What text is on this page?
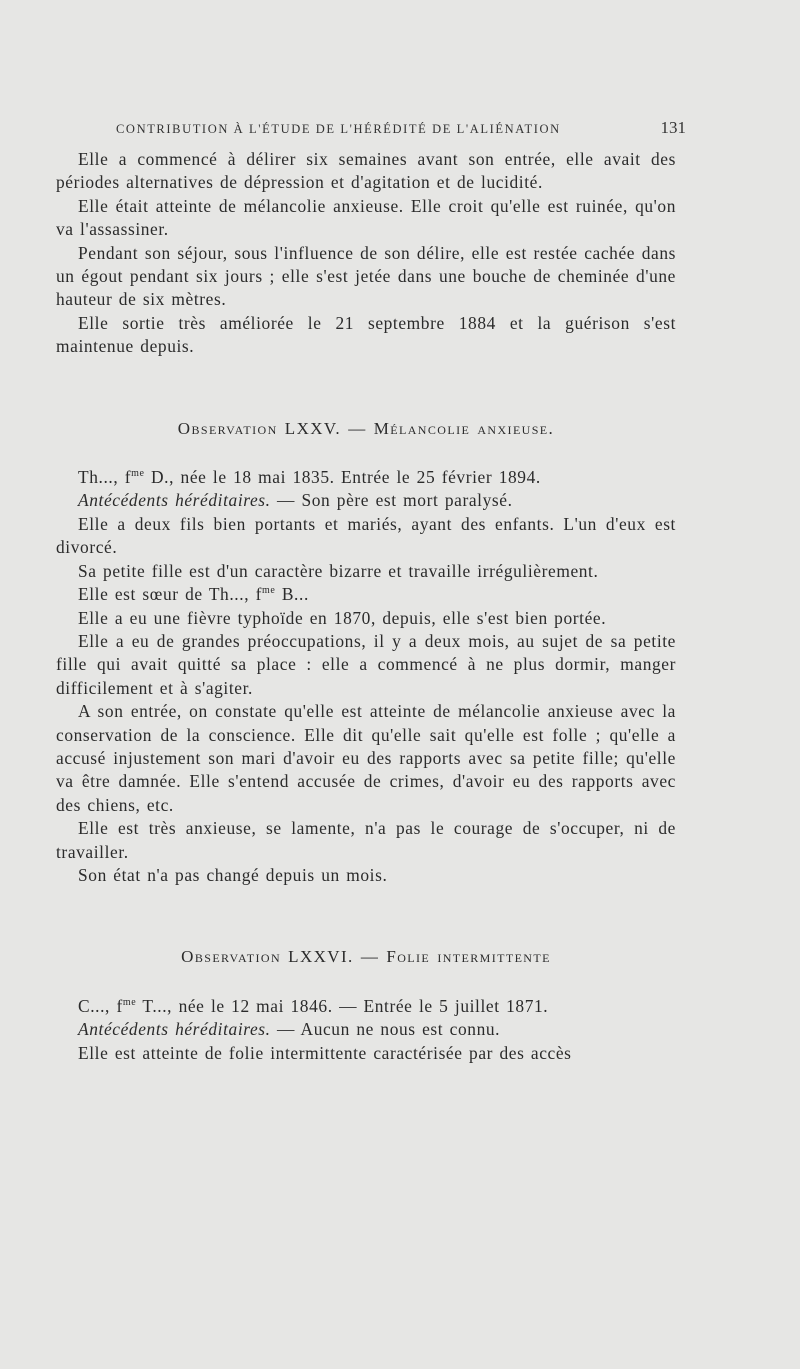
CONTRIBUTION À L'ÉTUDE DE L'HÉRÉDITÉ DE L'ALIÉNATION	131

Elle a commencé à délirer six semaines avant son entrée, elle avait des périodes alternatives de dépression et d'agitation et de lucidité.

Elle était atteinte de mélancolie anxieuse. Elle croit qu'elle est ruinée, qu'on va l'assassiner.

Pendant son séjour, sous l'influence de son délire, elle est restée cachée dans un égout pendant six jours ; elle s'est jetée dans une bouche de cheminée d'une hauteur de six mètres.

Elle sortie très améliorée le 21 septembre 1884 et la guérison s'est maintenue depuis.

Observation LXXV. — Mélancolie anxieuse.

Th..., $f^{me}$ D., née le 18 mai 1835. Entrée le 25 février 1894.

Antécédents héréditaires. — Son père est mort paralysé.

Elle a deux fils bien portants et mariés, ayant des enfants. L'un d'eux est divorcé.

Sa petite fille est d'un caractère bizarre et travaille irrégulièrement.

Elle est sœur de Th..., $f^{me}$ B...

Elle a eu une fièvre typhoïde en 1870, depuis, elle s'est bien portée.

Elle a eu de grandes préoccupations, il y a deux mois, au sujet de sa petite fille qui avait quitté sa place : elle a commencé à ne plus dormir, manger difficilement et à s'agiter.

A son entrée, on constate qu'elle est atteinte de mélancolie anxieuse avec la conservation de la conscience. Elle dit qu'elle sait qu'elle est folle ; qu'elle a accusé injustement son mari d'avoir eu des rapports avec sa petite fille; qu'elle va être damnée. Elle s'entend accusée de crimes, d'avoir eu des rapports avec des chiens, etc.

Elle est très anxieuse, se lamente, n'a pas le courage de s'occuper, ni de travailler.

Son état n'a pas changé depuis un mois.

Observation LXXVI. — Folie intermittente

C..., $f^{me}$ T..., née le 12 mai 1846. — Entrée le 5 juillet 1871.

Antécédents héréditaires. — Aucun ne nous est connu.

Elle est atteinte de folie intermittente caractérisée par des accès
